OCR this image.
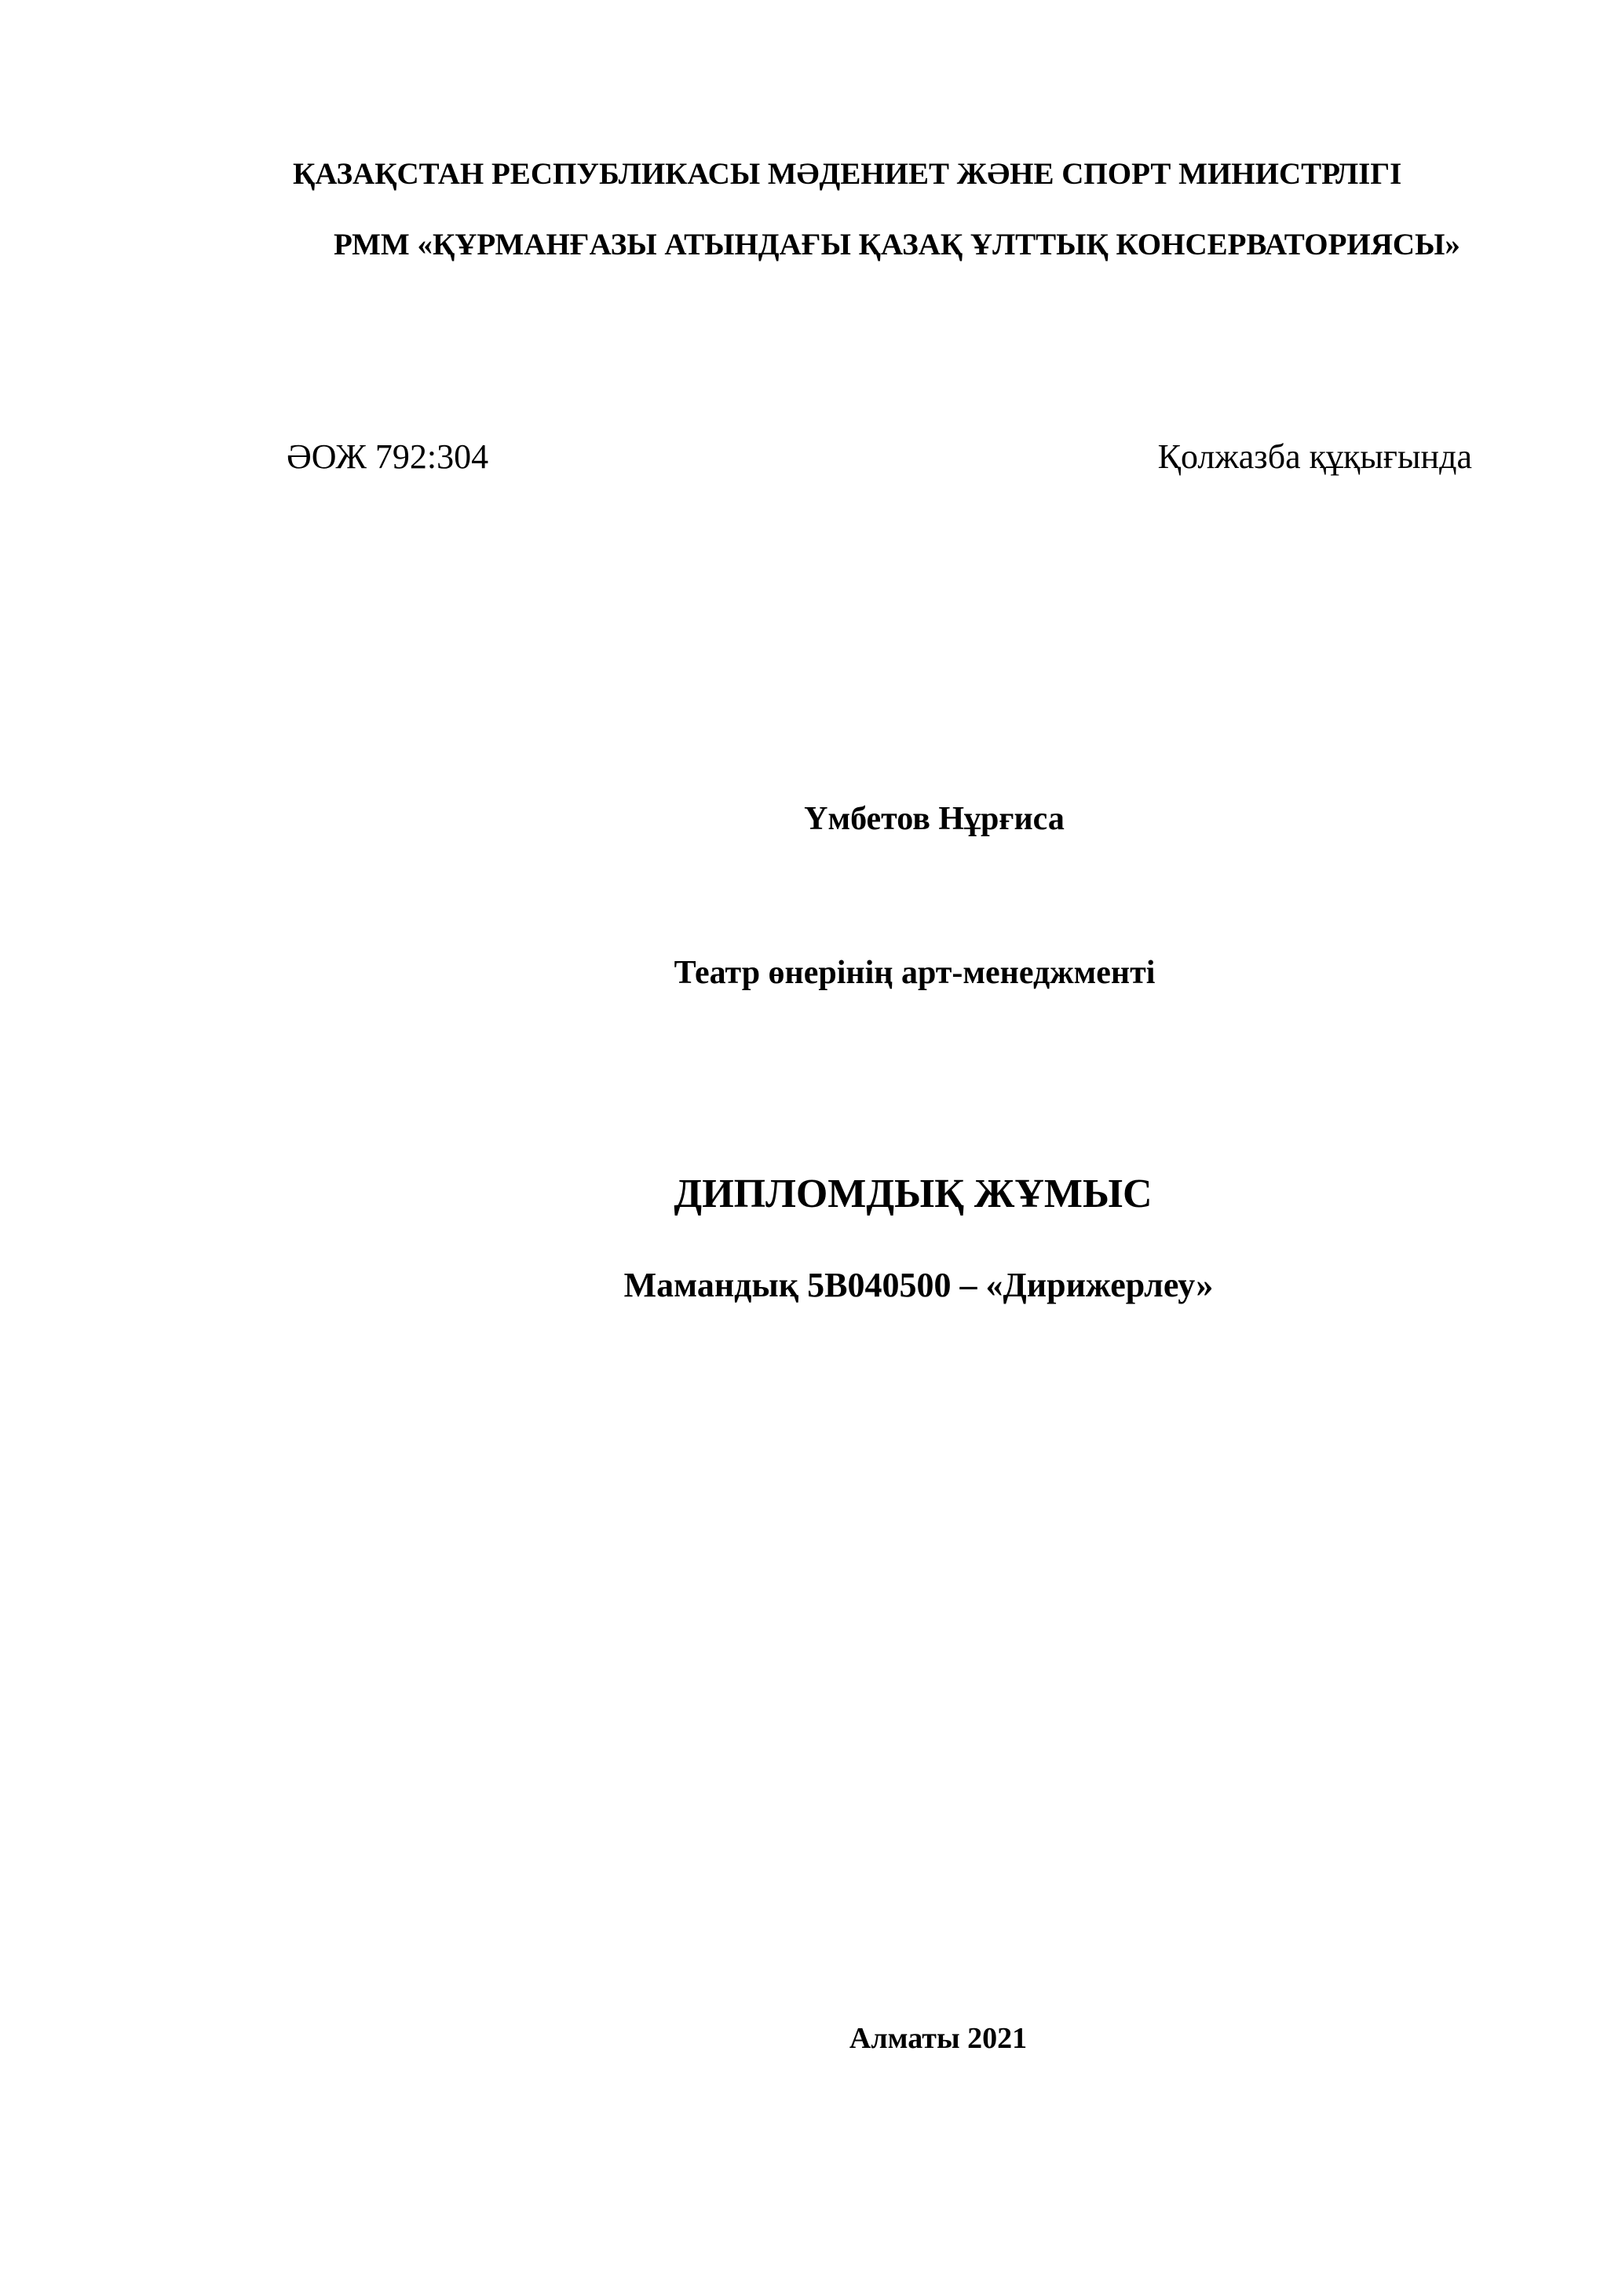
ҚАЗАҚСТАН РЕСПУБЛИКАСЫ МӘДЕНИЕТ ЖӘНЕ СПОРТ МИНИСТРЛІГІ
РММ «ҚҰРМАНҒАЗЫ АТЫНДАҒЫ ҚАЗАҚ ҰЛТТЫҚ КОНСЕРВАТОРИЯСЫ»
ӘОЖ 792:304	Қолжазба құқығында
Үмбетов Нұрғиса
Театр өнерінің арт-менеджменті
ДИПЛОМДЫҚ ЖҰМЫС
Мамандық 5В040500 – «Дирижерлеу»
Алматы 2021
